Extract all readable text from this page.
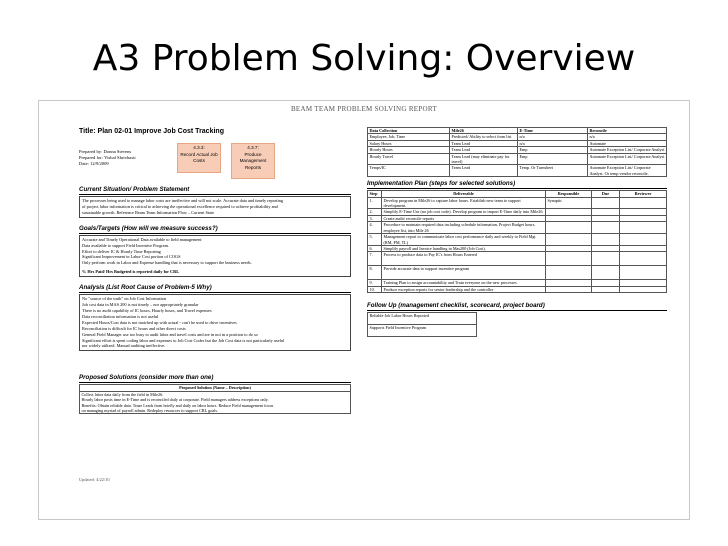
A3 Problem Solving: Overview
BEAM TEAM PROBLEM SOLVING REPORT
Title: Plan 02-01 Improve Job Cost Tracking
Prepared by: Donna Stevens
Prepared for: Vishal Shrivhasti
Date: 12/9/2009
4.3.3:
Record Actual Job Costs
4.3.7:
Produce Management Reports
Current Situation/ Problem Statement
The processes being used to manage labor costs are ineffective and will not scale. Accurate data and timely reporting
of project labor information is critical to achieving the operational excellence required to achieve profitability and
sustainable growth. Reference Beam Team Information Flow – Current State
Goals/Targets (How will we measure success?)
Accurate and Timely Operational Data available to field management
Data available to support Field Incentive Program.
Effort to deliver IC & Hourly Time Reporting
Significant Improvement in Labor Cost portion of COGS
Only perform work in Labor and Expense handling that is necessary to support the business needs.
% Hrs Paid/ Hrs Budgeted is reported daily for CRL
Analysis (List Root Cause of Problem-5 Why)
No "source of the truth" on Job Cost Information
Job cost data in MAS 200 is not timely – nor appropriately granular
There is no audit capability of IC hours, Hourly hours, and Travel expenses
Data reconciliation information is not useful
Expected Hours/Cost data is not matched up with actual - can't be used to drive incentives
Reconciliation is difficult for IC hours and other direct costs
General Field Manager use too busy to audit labor and travel costs and are in not in a position to do so
Significant effort is spent coding labor and expenses to Job Cost Codes but the Job Cost data is not particularly useful
nor widely utilized. Manual auditing ineffective.
Proposed Solutions (consider more than one)
Proposed Solution (Name – Description)

Collect labor data daily from the field in Mile26.
Hourly labor posts time in E-Time and is reconciled daily at corporate. Field managers address exceptions only.
Benefits: Obtain reliable data. Tease Leads from briefly and daily on labor hours. Reduce Field management focus
on managing myriad of payroll admin. Redeploy resources to support CRL goals.
Updated: 4/22/10
Data Collection	Mile26	E-Time	Reconcile
Employee, Job, Time	Predicted/ Ability to select from list	n/a	n/a
Salary Hours	Team Lead	n/a	Automate
Hourly Hours	Team Lead	Emp	Automate Exception List/ Corporate Analyst
Hourly Travel	Team Lead (may eliminate pay for travel)	Emp	Automate Exception List/ Corporate Analyst
Temps/IC	Team Lead	Temp. Or Turnsheet	Automate Exception List/ Corporate Analyst. Or temp vendor reconcile.
Implementation Plan (steps for selected solutions)
Step	Deliverable	Responsible	Due	Reviewer
1.	Develop program in Mile26 to capture labor hours. Establish new team to support development.	Synaptic		
2.	Simplify E-Time Use (no job cost code). Develop program to import E-Time daily into Mile26.			
3.	Create audit/ reconcile reports			
4.	Procedure to maintain required data including schedule information, Project Budget hours, employee list, into Mile 26			
5.	Management report to communicate labor cost performance daily and weekly to Field Mgt (RM, PM, TL)			
6.	Simplify payroll and Invoice handling in Mas200 (Job Cost).			
7.	Process to produce data to Pay IC's from Hours Entered			
8.	Provide accurate data to support incentive program			
9.	Training Plan to assign accountability and Train everyone on the new processes			
10.	Produce exception reports for senior leadership and the controller			
Follow Up (management checklist, scorecard, project board)
Reliable Job Labor Hours Reported
Supports Field Incentive Program
